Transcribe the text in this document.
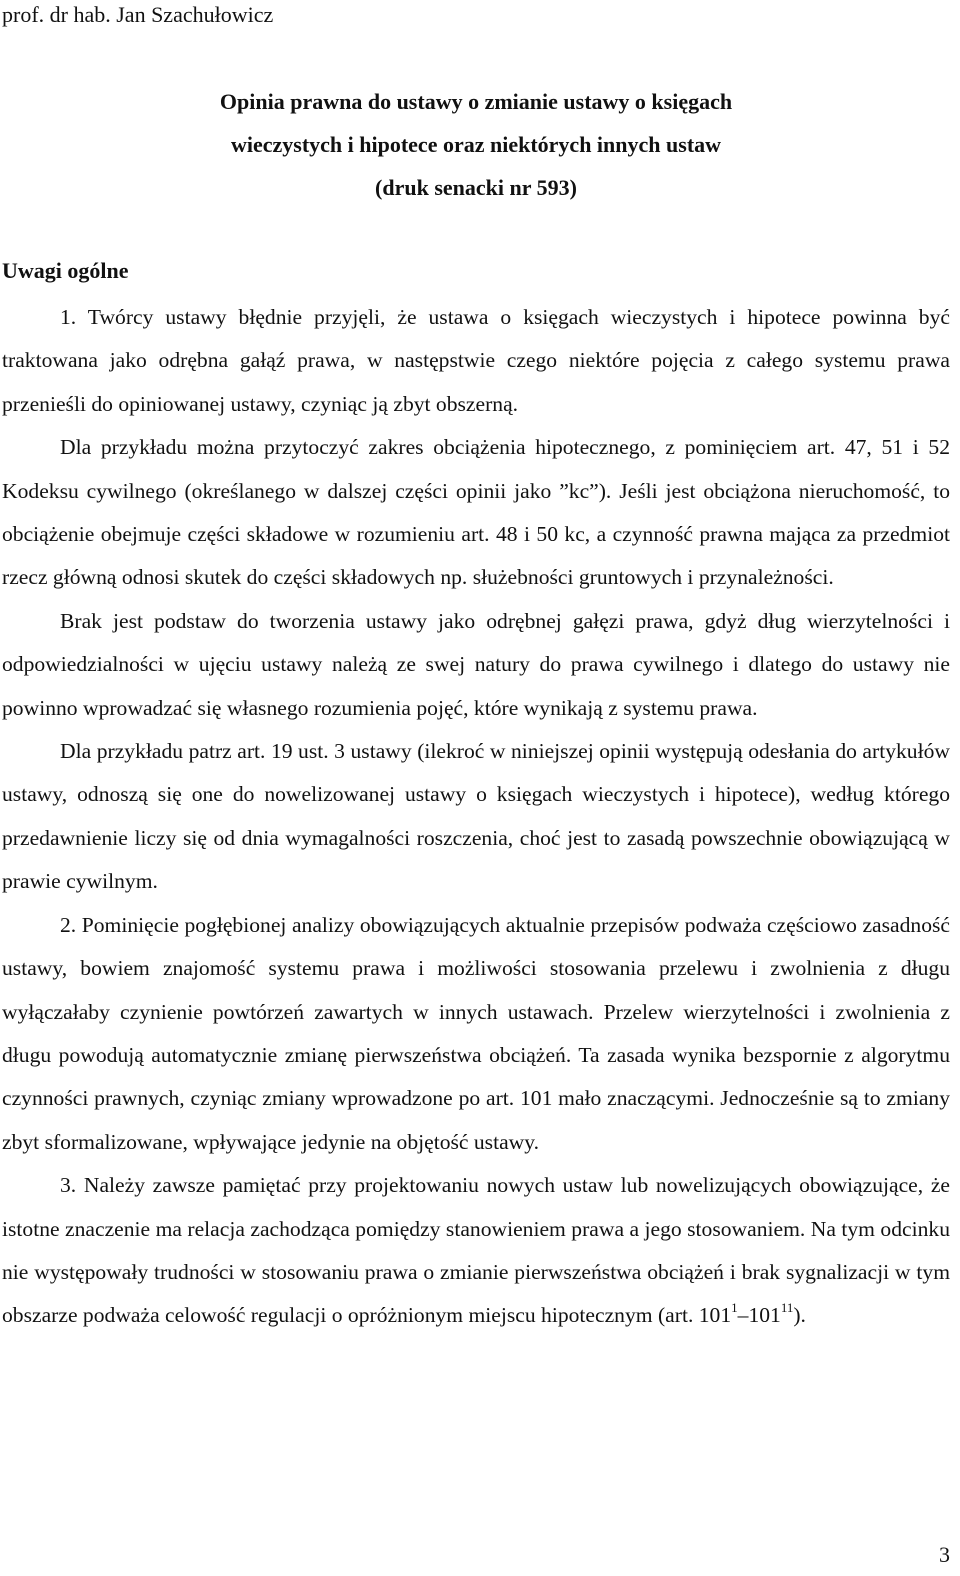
prof. dr hab. Jan Szachułowicz
Opinia prawna do ustawy o zmianie ustawy o księgach
wieczystych i hipotece oraz niektórych innych ustaw
(druk senacki nr 593)
Uwagi ogólne

1. Twórcy ustawy błędnie przyjęli, że ustawa o księgach wieczystych i hipotece powinna być traktowana jako odrębna gałąź prawa, w następstwie czego niektóre pojęcia z całego systemu prawa przenieśli do opiniowanej ustawy, czyniąc ją zbyt obszerną.

Dla przykładu można przytoczyć zakres obciążenia hipotecznego, z pominięciem art. 47, 51 i 52 Kodeksu cywilnego (określanego w dalszej części opinii jako ”kc”). Jeśli jest obciążona nieruchomość, to obciążenie obejmuje części składowe w rozumieniu art. 48 i 50 kc, a czynność prawna mająca za przedmiot rzecz główną odnosi skutek do części składowych np. służebności gruntowych i przynależności.

Brak jest podstaw do tworzenia ustawy jako odrębnej gałęzi prawa, gdyż dług wierzytelności i odpowiedzialności w ujęciu ustawy należą ze swej natury do prawa cywilnego i dlatego do ustawy nie powinno wprowadzać się własnego rozumienia pojęć, które wynikają z systemu prawa.

Dla przykładu patrz art. 19 ust. 3 ustawy (ilekroć w niniejszej opinii występują odesłania do artykułów ustawy, odnoszą się one do nowelizowanej ustawy o księgach wieczystych i hipotece), według którego przedawnienie liczy się od dnia wymagalności roszczenia, choć jest to zasadą powszechnie obowiązującą w prawie cywilnym.

2. Pominięcie pogłębionej analizy obowiązujących aktualnie przepisów podważa częściowo zasadność ustawy, bowiem znajomość systemu prawa i możliwości stosowania przelewu i zwolnienia z długu wyłączałaby czynienie powtórzeń zawartych w innych ustawach. Przelew wierzytelności i zwolnienia z długu powodują automatycznie zmianę pierwszeństwa obciążeń. Ta zasada wynika bezspornie z algorytmu czynności prawnych, czyniąc zmiany wprowadzone po art. 101 mało znaczącymi. Jednocześnie są to zmiany zbyt sformalizowane, wpływające jedynie na objętość ustawy.

3. Należy zawsze pamiętać przy projektowaniu nowych ustaw lub nowelizujących obowiązujące, że istotne znaczenie ma relacja zachodząca pomiędzy stanowieniem prawa a jego stosowaniem. Na tym odcinku nie występowały trudności w stosowaniu prawa o zmianie pierwszeństwa obciążeń i brak sygnalizacji w tym obszarze podważa celowość regulacji o opróżnionym miejscu hipotecznym (art. $101^1-101^{11}$).

3
